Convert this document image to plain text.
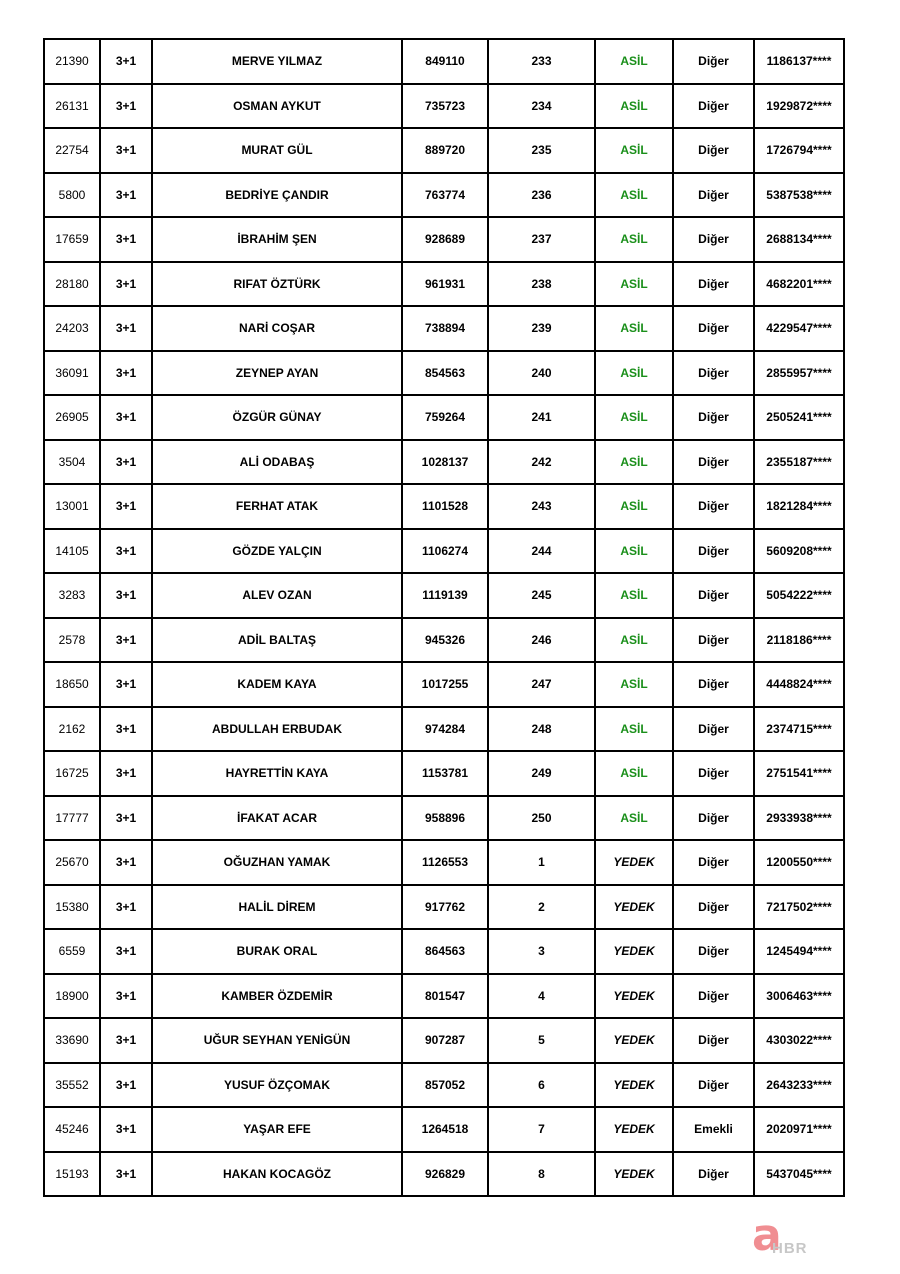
21390	3+1	MERVE YILMAZ	849110	233	ASİL	Diğer	1186137****
26131	3+1	OSMAN AYKUT	735723	234	ASİL	Diğer	1929872****
22754	3+1	MURAT GÜL	889720	235	ASİL	Diğer	1726794****
5800	3+1	BEDRİYE ÇANDIR	763774	236	ASİL	Diğer	5387538****
17659	3+1	İBRAHİM ŞEN	928689	237	ASİL	Diğer	2688134****
28180	3+1	RIFAT ÖZTÜRK	961931	238	ASİL	Diğer	4682201****
24203	3+1	NARİ COŞAR	738894	239	ASİL	Diğer	4229547****
36091	3+1	ZEYNEP AYAN	854563	240	ASİL	Diğer	2855957****
26905	3+1	ÖZGÜR GÜNAY	759264	241	ASİL	Diğer	2505241****
3504	3+1	ALİ ODABAŞ	1028137	242	ASİL	Diğer	2355187****
13001	3+1	FERHAT ATAK	1101528	243	ASİL	Diğer	1821284****
14105	3+1	GÖZDE YALÇIN	1106274	244	ASİL	Diğer	5609208****
3283	3+1	ALEV OZAN	1119139	245	ASİL	Diğer	5054222****
2578	3+1	ADİL BALTAŞ	945326	246	ASİL	Diğer	2118186****
18650	3+1	KADEM KAYA	1017255	247	ASİL	Diğer	4448824****
2162	3+1	ABDULLAH ERBUDAK	974284	248	ASİL	Diğer	2374715****
16725	3+1	HAYRETTİN KAYA	1153781	249	ASİL	Diğer	2751541****
17777	3+1	İFAKAT ACAR	958896	250	ASİL	Diğer	2933938****
25670	3+1	OĞUZHAN YAMAK	1126553	1	YEDEK	Diğer	1200550****
15380	3+1	HALİL DİREM	917762	2	YEDEK	Diğer	7217502****
6559	3+1	BURAK ORAL	864563	3	YEDEK	Diğer	1245494****
18900	3+1	KAMBER ÖZDEMİR	801547	4	YEDEK	Diğer	3006463****
33690	3+1	UĞUR SEYHAN YENİGÜN	907287	5	YEDEK	Diğer	4303022****
35552	3+1	YUSUF ÖZÇOMAK	857052	6	YEDEK	Diğer	2643233****
45246	3+1	YAŞAR EFE	1264518	7	YEDEK	Emekli	2020971****
15193	3+1	HAKAN KOCAGÖZ	926829	8	YEDEK	Diğer	5437045****
a
HBR
